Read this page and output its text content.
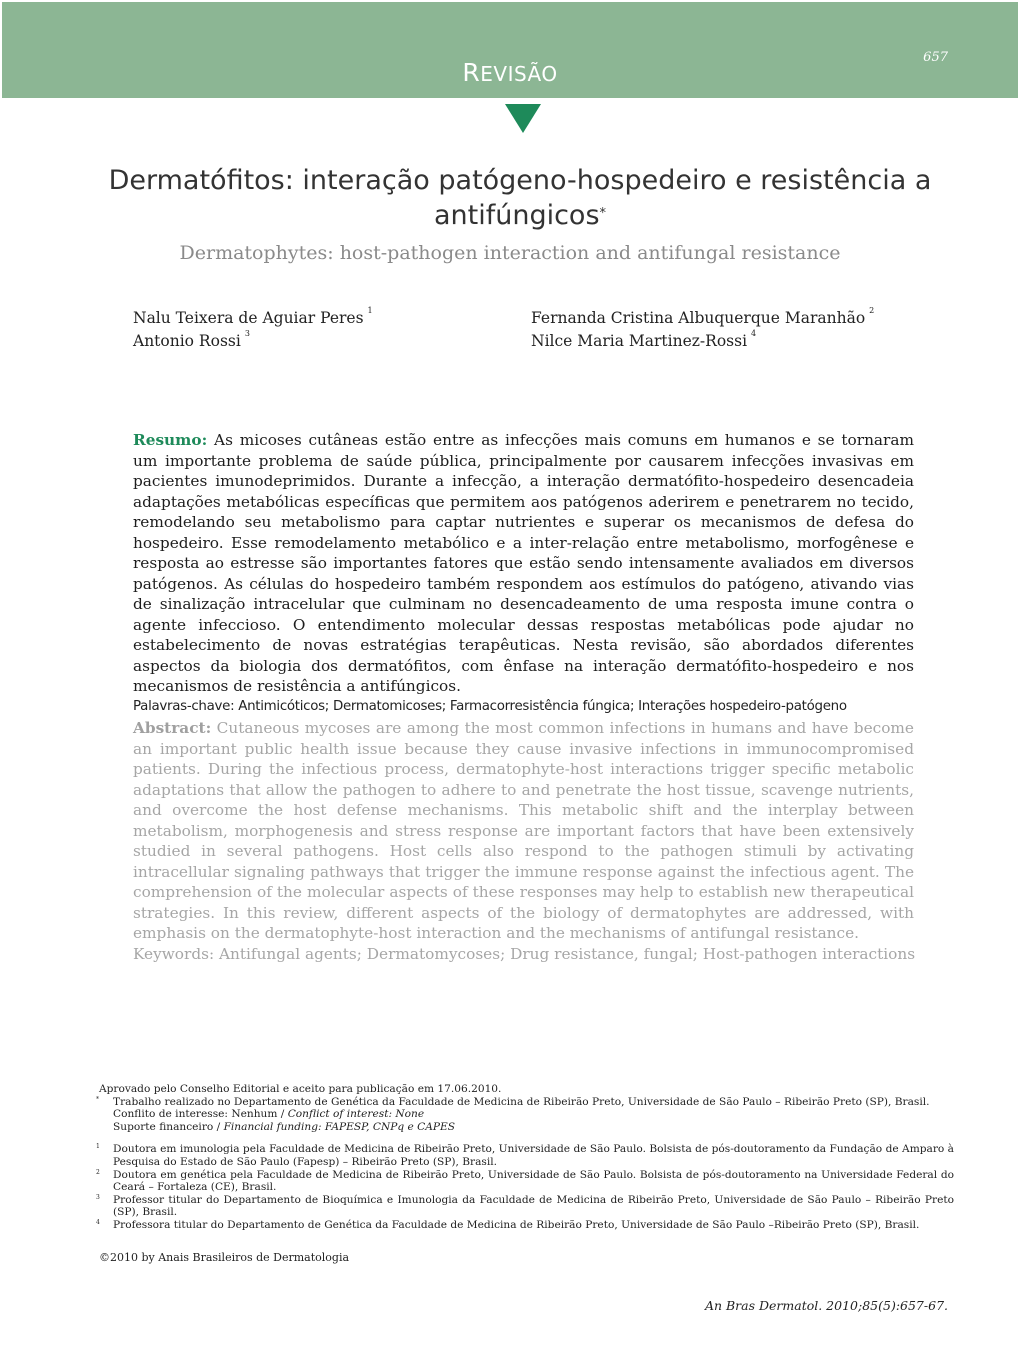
REVISÃO
657
Dermatófitos: interação patógeno-hospedeiro e resistência a antifúngicos*
Dermatophytes: host-pathogen interaction and antifungal resistance
Nalu Teixera de Aguiar Peres $^1$	Fernanda Cristina Albuquerque Maranhão $^2$
Antonio Rossi $^3$	Nilce Maria Martinez-Rossi $^4$
Resumo: As micoses cutâneas estão entre as infecções mais comuns em humanos e se tornaram um importante problema de saúde pública, principalmente por causarem infecções invasivas em pacientes imunodeprimidos. Durante a infecção, a interação dermatófito-hospedeiro desencadeia adaptações metabólicas específicas que permitem aos patógenos aderirem e penetrarem no tecido, remodelando seu metabolismo para captar nutrientes e superar os mecanismos de defesa do hospedeiro. Esse remodelamento metabólico e a inter-relação entre metabolismo, morfogênese e resposta ao estresse são importantes fatores que estão sendo intensamente avaliados em diversos patógenos. As células do hospedeiro também respondem aos estímulos do patógeno, ativando vias de sinalização intracelular que culminam no desencadeamento de uma resposta imune contra o agente infeccioso. O entendimento molecular dessas respostas metabólicas pode ajudar no estabelecimento de novas estratégias terapêuticas. Nesta revisão, são abordados diferentes aspectos da biologia dos dermatófitos, com ênfase na interação dermatófito-hospedeiro e nos mecanismos de resistência a antifúngicos.
Palavras-chave: Antimicóticos; Dermatomicoses; Farmacorresistência fúngica; Interações hospedeiro-patógeno
Abstract: Cutaneous mycoses are among the most common infections in humans and have become an important public health issue because they cause invasive infections in immunocompromised patients. During the infectious process, dermatophyte-host interactions trigger specific metabolic adaptations that allow the pathogen to adhere to and penetrate the host tissue, scavenge nutrients, and overcome the host defense mechanisms. This metabolic shift and the interplay between metabolism, morphogenesis and stress response are important factors that have been extensively studied in several pathogens. Host cells also respond to the pathogen stimuli by activating intracellular signaling pathways that trigger the immune response against the infectious agent. The comprehension of the molecular aspects of these responses may help to establish new therapeutical strategies. In this review, different aspects of the biology of dermatophytes are addressed, with emphasis on the dermatophyte-host interaction and the mechanisms of antifungal resistance.
Keywords: Antifungal agents; Dermatomycoses; Drug resistance, fungal; Host-pathogen interactions
Aprovado pelo Conselho Editorial e aceito para publicação em 17.06.2010.
* Trabalho realizado no Departamento de Genética da Faculdade de Medicina de Ribeirão Preto, Universidade de São Paulo – Ribeirão Preto (SP), Brasil.
Conflito de interesse: Nenhum / Conflict of interest: None
Suporte financeiro / Financial funding: FAPESP, CNPq e CAPES
1 Doutora em imunologia pela Faculdade de Medicina de Ribeirão Preto, Universidade de São Paulo. Bolsista de pós-doutoramento da Fundação de Amparo à Pesquisa do Estado de São Paulo (Fapesp) – Ribeirão Preto (SP), Brasil.
2 Doutora em genética pela Faculdade de Medicina de Ribeirão Preto, Universidade de São Paulo. Bolsista de pós-doutoramento na Universidade Federal do Ceará – Fortaleza (CE), Brasil.
3 Professor titular do Departamento de Bioquímica e Imunologia da Faculdade de Medicina de Ribeirão Preto, Universidade de São Paulo – Ribeirão Preto (SP), Brasil.
4 Professora titular do Departamento de Genética da Faculdade de Medicina de Ribeirão Preto, Universidade de São Paulo –Ribeirão Preto (SP), Brasil.
©2010 by Anais Brasileiros de Dermatologia
An Bras Dermatol. 2010;85(5):657-67.
